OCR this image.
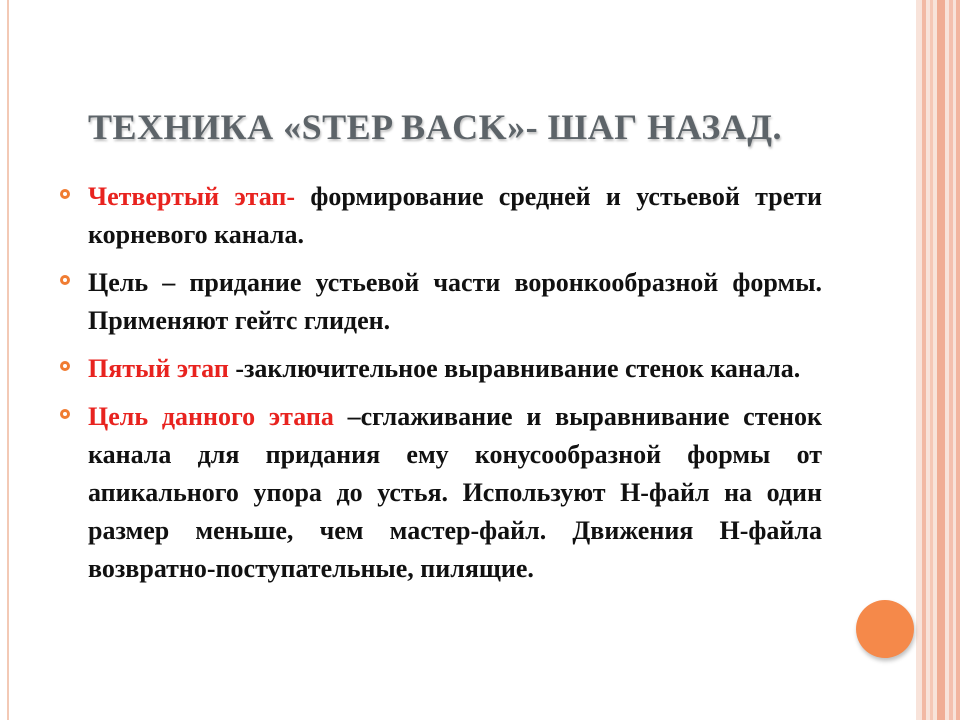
ТЕХНИКА «STEP BACK»- ШАГ НАЗАД.
Четвертый этап- формирование средней и устьевой трети корневого канала.
Цель – придание устьевой части воронкообразной формы. Применяют гейтс глиден.
Пятый этап -заключительное выравнивание стенок канала.
Цель данного этапа –сглаживание и выравнивание стенок канала для придания ему конусообразной формы от апикального упора до устья. Используют Н-файл на один размер меньше, чем мастер-файл. Движения Н-файла возвратно-поступательные, пилящие.
